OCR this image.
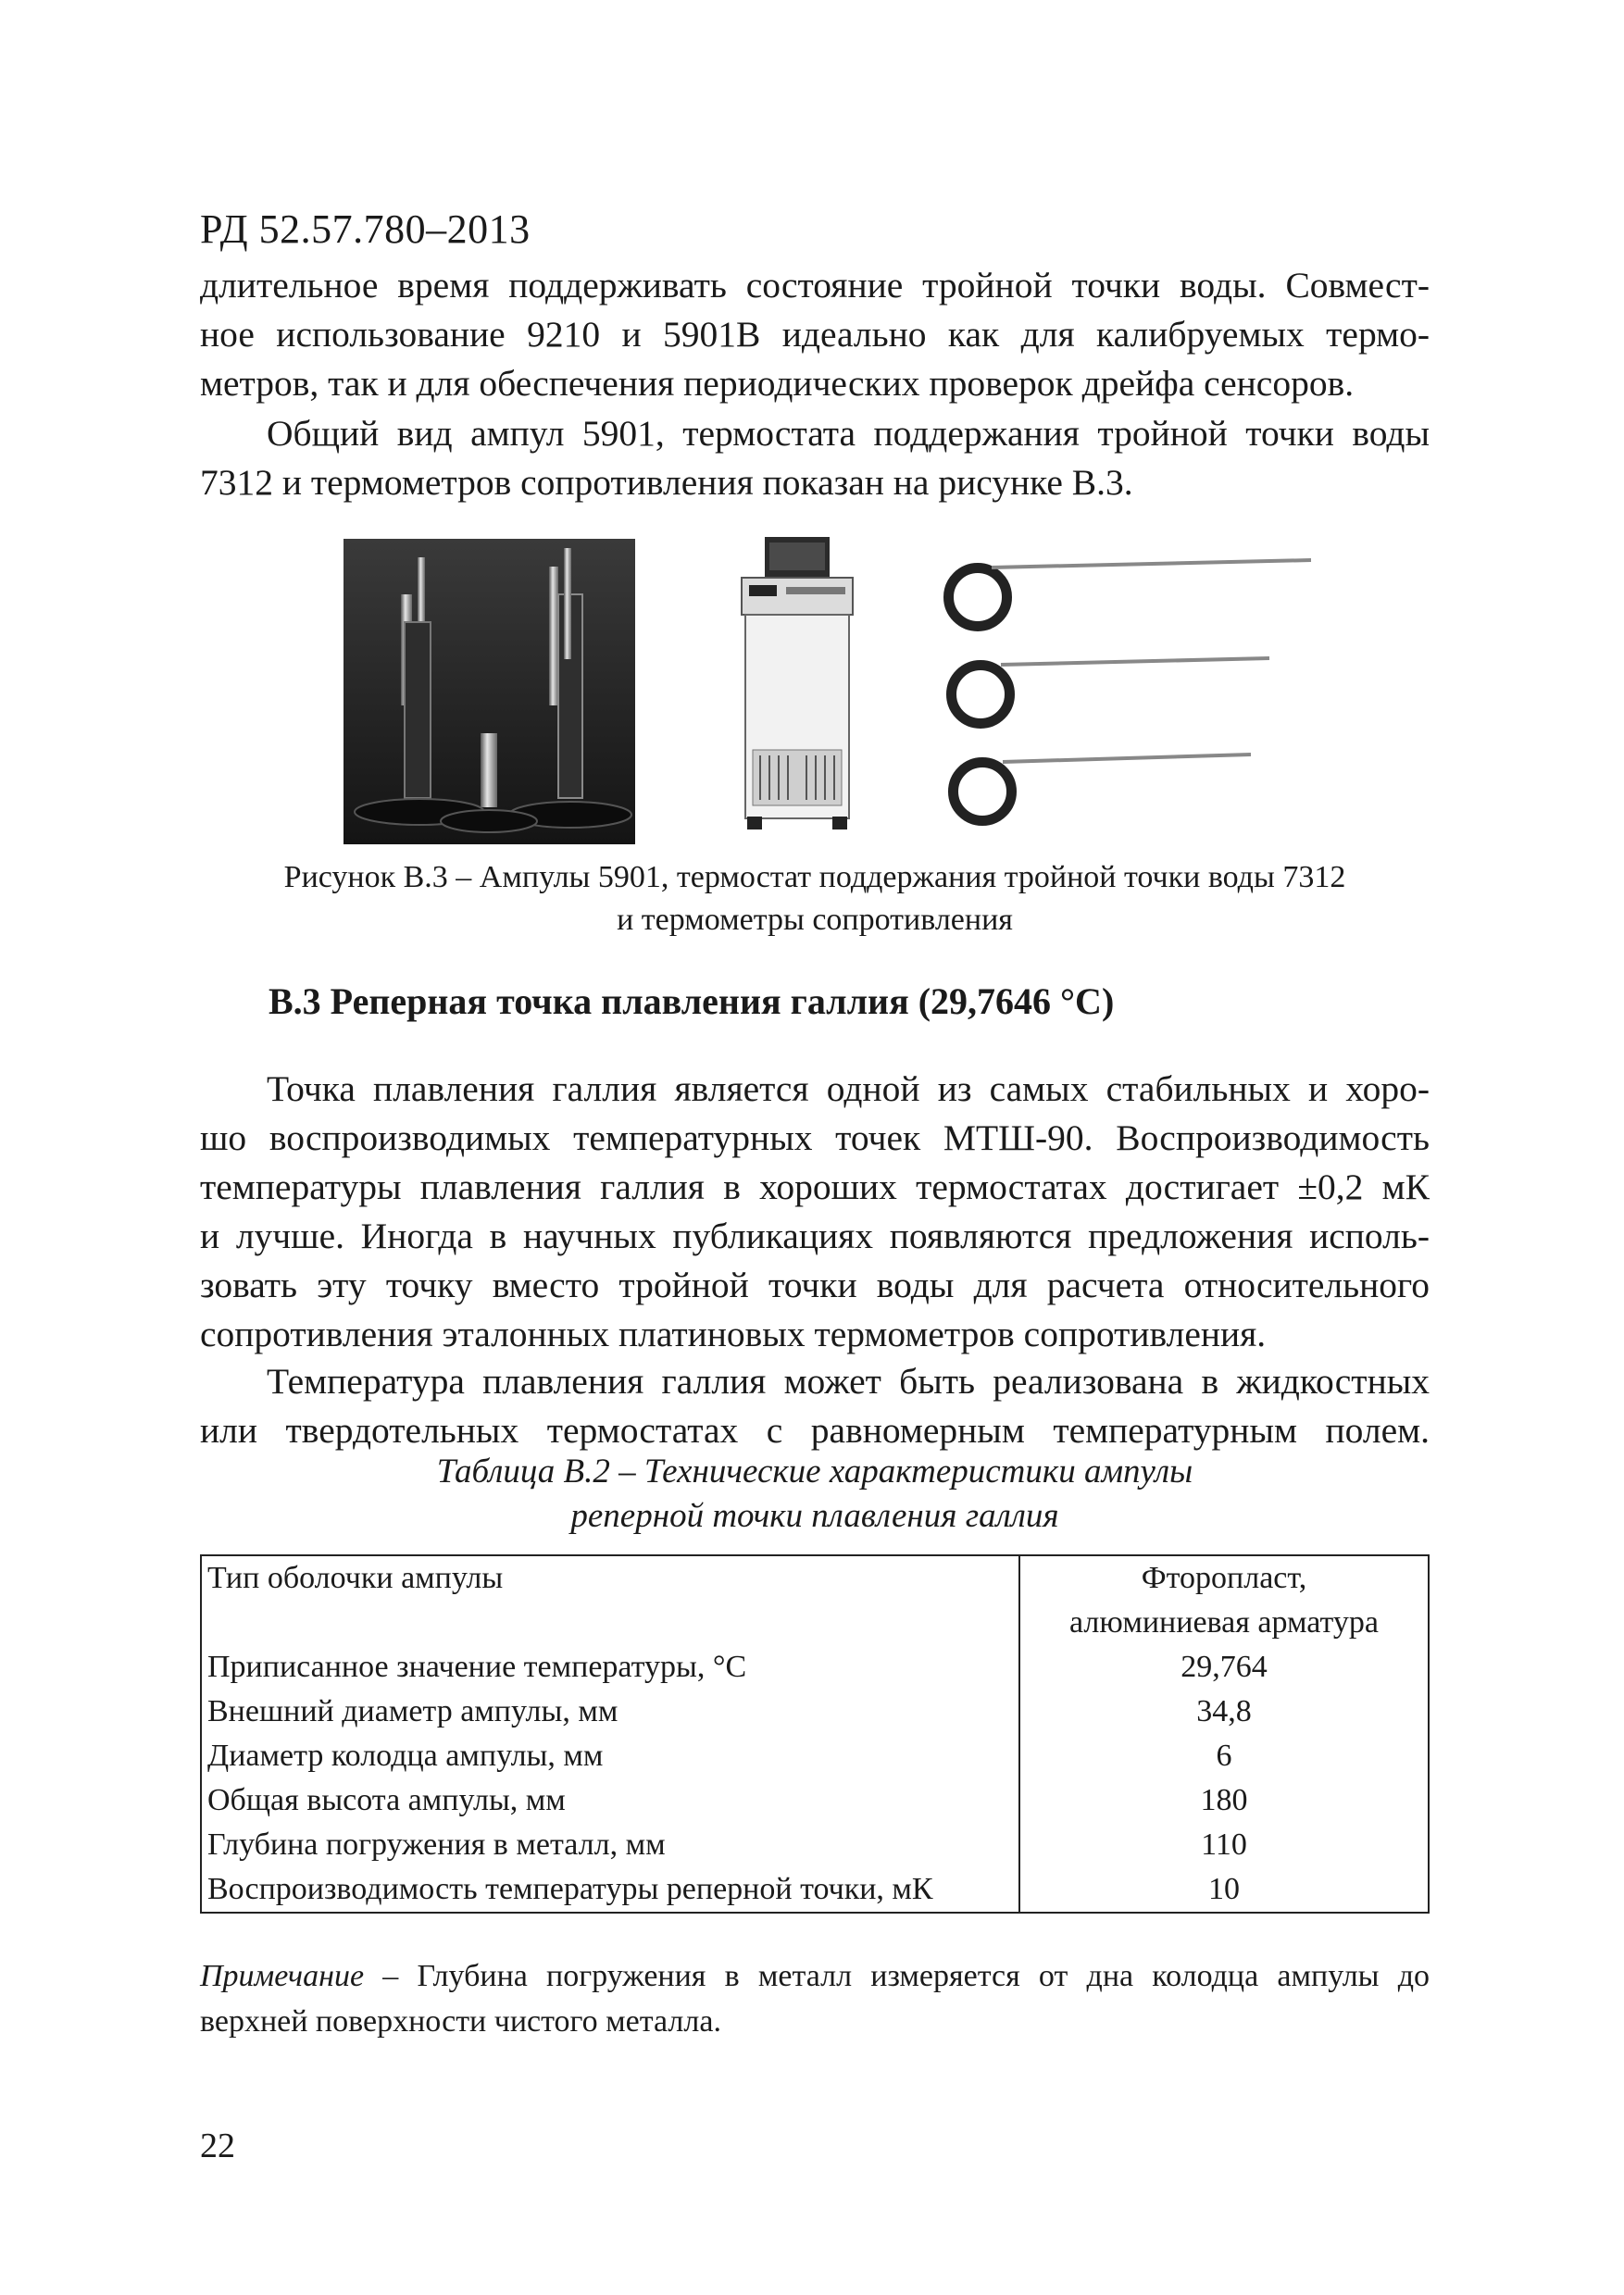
РД 52.57.780–2013

длительное время поддерживать состояние тройной точки воды. Совмест-
ное использование 9210 и 5901В идеально как для калибруемых термо-
метров, так и для обеспечения периодических проверок дрейфа сенсоров.

Общий вид ампул 5901, термостата поддержания тройной точки воды
7312 и термометров сопротивления показан на рисунке В.3.

Рисунок В.3 – Ампулы 5901, термостат поддержания тройной точки воды 7312
и термометры сопротивления
В.3 Реперная точка плавления галлия (29,7646 °С)

Точка плавления галлия является одной из самых стабильных и хоро-
шо воспроизводимых температурных точек МТШ-90. Воспроизводимость
температуры плавления галлия в хороших термостатах достигает ±0,2 мК
и лучше. Иногда в научных публикациях появляются предложения исполь-
зовать эту точку вместо тройной точки воды для расчета относительного
сопротивления эталонных платиновых термометров сопротивления.

Температура плавления галлия может быть реализована в жидкостных
или твердотельных термостатах с равномерным температурным полем.

Таблица В.2 – Технические характеристики ампулы
реперной точки плавления галлия
Тип оболочки ампулы	Фторопласт,
алюминиевая арматура

Приписанное значение температуры, °С	29,764
Внешний диаметр ампулы, мм	34,8
Диаметр колодца ампулы, мм	6
Общая высота ампулы, мм	180
Глубина погружения в металл, мм	110
Воспроизводимость температуры реперной точки, мК	10
Примечание – Глубина погружения в металл измеряется от дна колодца ампулы до
верхней поверхности чистого металла.
22
